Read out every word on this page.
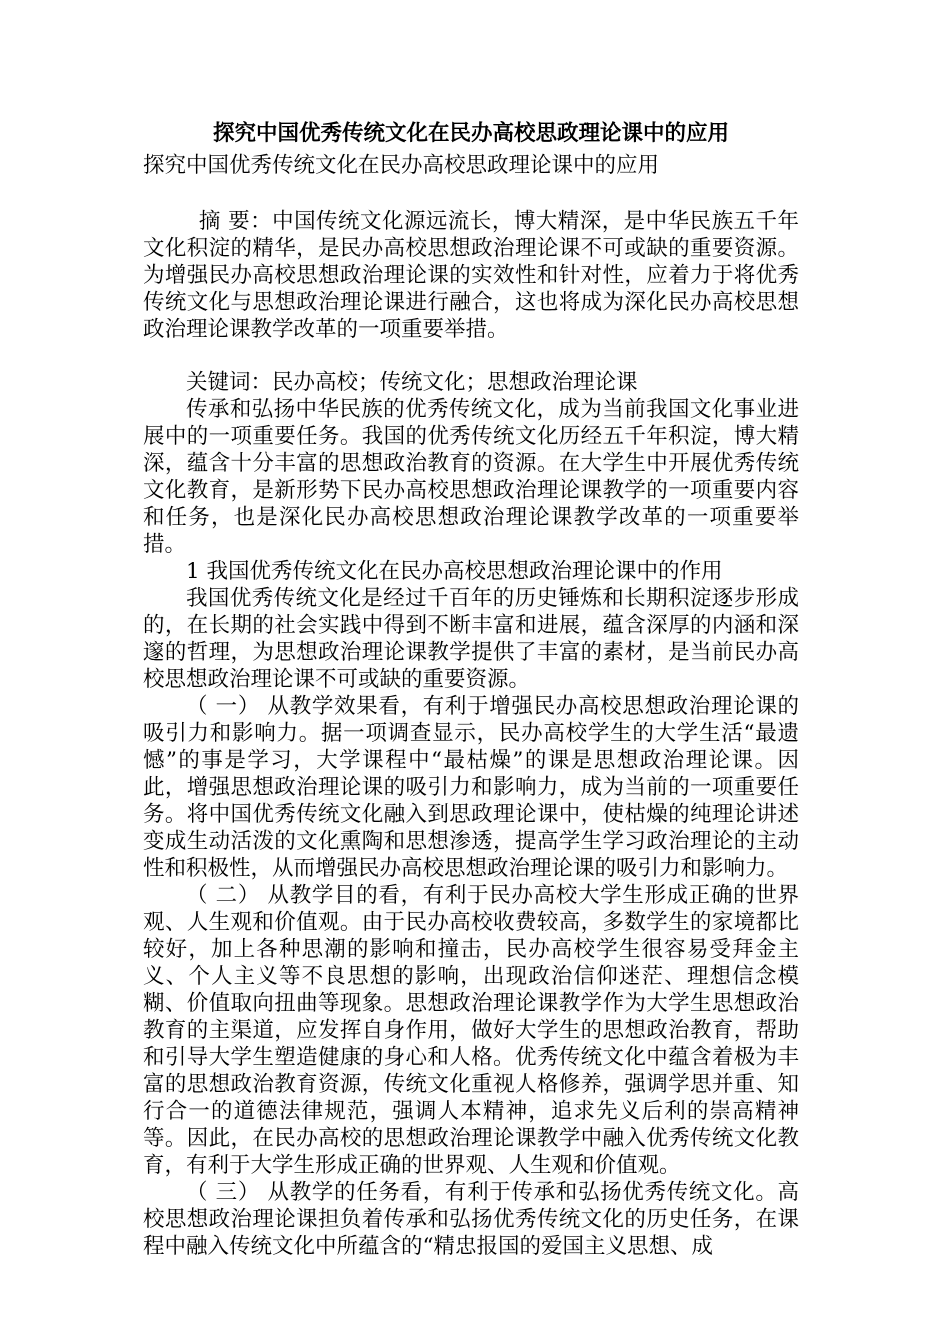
探究中国优秀传统文化在民办高校思政理论课中的应用

探究中国优秀传统文化在民办高校思政理论课中的应用

摘 要：中国传统文化源远流长，博大精深，是中华民族五千年文化积淀的精华，是民办高校思想政治理论课不可或缺的重要资源。为增强民办高校思想政治理论课的实效性和针对性，应着力于将优秀传统文化与思想政治理论课进行融合，这也将成为深化民办高校思想政治理论课教学改革的一项重要举措。

关键词：民办高校；传统文化；思想政治理论课

传承和弘扬中华民族的优秀传统文化，成为当前我国文化事业进展中的一项重要任务。我国的优秀传统文化历经五千年积淀，博大精深，蕴含十分丰富的思想政治教育的资源。在大学生中开展优秀传统文化教育，是新形势下民办高校思想政治理论课教学的一项重要内容和任务，也是深化民办高校思想政治理论课教学改革的一项重要举措。

1 我国优秀传统文化在民办高校思想政治理论课中的作用

我国优秀传统文化是经过千百年的历史锤炼和长期积淀逐步形成的，在长期的社会实践中得到不断丰富和进展，蕴含深厚的内涵和深邃的哲理，为思想政治理论课教学提供了丰富的素材，是当前民办高校思想政治理论课不可或缺的重要资源。

（ 一） 从教学效果看，有利于增强民办高校思想政治理论课的吸引力和影响力。据一项调查显示，民办高校学生的大学生活“最遗憾”的事是学习，大学课程中“最枯燥”的课是思想政治理论课。因此，增强思想政治理论课的吸引力和影响力，成为当前的一项重要任务。将中国优秀传统文化融入到思政理论课中，使枯燥的纯理论讲述变成生动活泼的文化熏陶和思想渗透，提高学生学习政治理论的主动性和积极性，从而增强民办高校思想政治理论课的吸引力和影响力。

（ 二） 从教学目的看，有利于民办高校大学生形成正确的世界观、人生观和价值观。由于民办高校收费较高，多数学生的家境都比较好，加上各种思潮的影响和撞击，民办高校学生很容易受拜金主义、个人主义等不良思想的影响，出现政治信仰迷茫、理想信念模糊、价值取向扭曲等现象。思想政治理论课教学作为大学生思想政治教育的主渠道，应发挥自身作用，做好大学生的思想政治教育，帮助和引导大学生塑造健康的身心和人格。优秀传统文化中蕴含着极为丰富的思想政治教育资源，传统文化重视人格修养，强调学思并重、知行合一的道德法律规范，强调人本精神，追求先义后利的崇高精神等。因此，在民办高校的思想政治理论课教学中融入优秀传统文化教育，有利于大学生形成正确的世界观、人生观和价值观。

（ 三） 从教学的任务看，有利于传承和弘扬优秀传统文化。高校思想政治理论课担负着传承和弘扬优秀传统文化的历史任务，在课程中融入传统文化中所蕴含的“精忠报国的爱国主义思想、成
